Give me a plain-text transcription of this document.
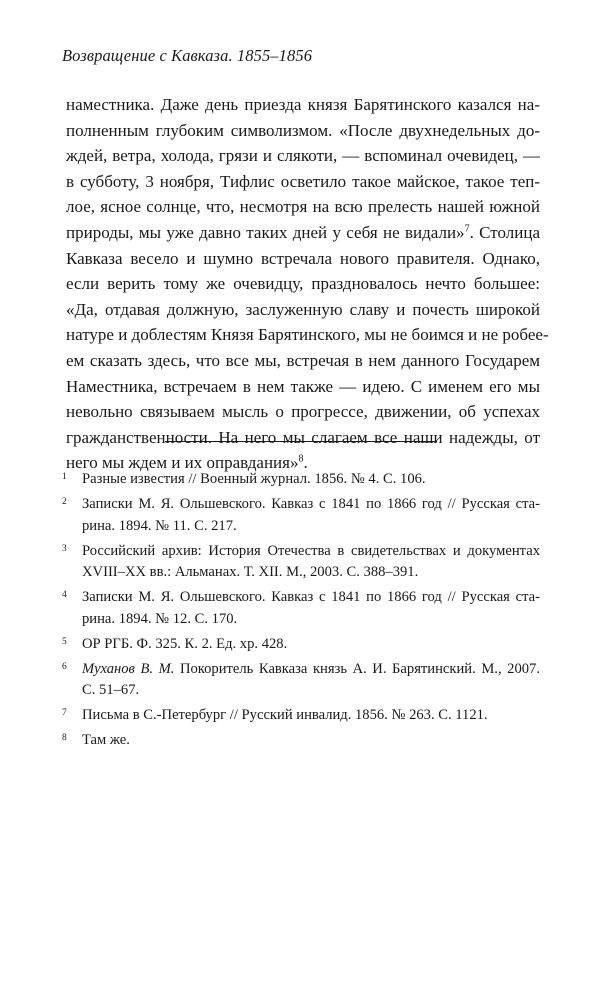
Возвращение с Кавказа. 1855–1856
наместника. Даже день приезда князя Барятинского казался на-
полненным глубоким символизмом. «После двухнедельных до-
ждей, ветра, холода, грязи и слякоти, — вспоминал очевидец, —
в субботу, 3 ноября, Тифлис осветило такое майское, такое теп-
лое, ясное солнце, что, несмотря на всю прелесть нашей южной
природы, мы уже давно таких дней у себя не видали»$^7$. Столица
Кавказа весело и шумно встречала нового правителя. Однако,
если верить тому же очевидцу, праздновалось нечто большее:
«Да, отдавая должную, заслуженную славу и почесть широкой
натуре и доблестям Князя Барятинского, мы не боимся и не робее-
ем сказать здесь, что все мы, встречая в нем данного Государем
Наместника, встречаем в нем также — идею. С именем его мы
невольно связываем мысль о прогрессе, движении, об успехах
гражданственности. На него мы слагаем все наши надежды, от
него мы ждем и их оправдания»$^8$.
1 Разные известия // Военный журнал. 1856. № 4. С. 106.
2 Записки М. Я. Ольшевского. Кавказ с 1841 по 1866 год // Русская ста-
рина. 1894. № 11. С. 217.
3 Российский архив: История Отечества в свидетельствах и документах
XVIII–XX вв.: Альманах. Т. XII. М., 2003. С. 388–391.
4 Записки М. Я. Ольшевского. Кавказ с 1841 по 1866 год // Русская ста-
рина. 1894. № 12. С. 170.
5 ОР РГБ. Ф. 325. К. 2. Ед. хр. 428.
6 Муханов В. М. Покоритель Кавказа князь А. И. Барятинский. М., 2007.
С. 51–67.
7 Письма в С.-Петербург // Русский инвалид. 1856. № 263. С. 1121.
8 Там же.
